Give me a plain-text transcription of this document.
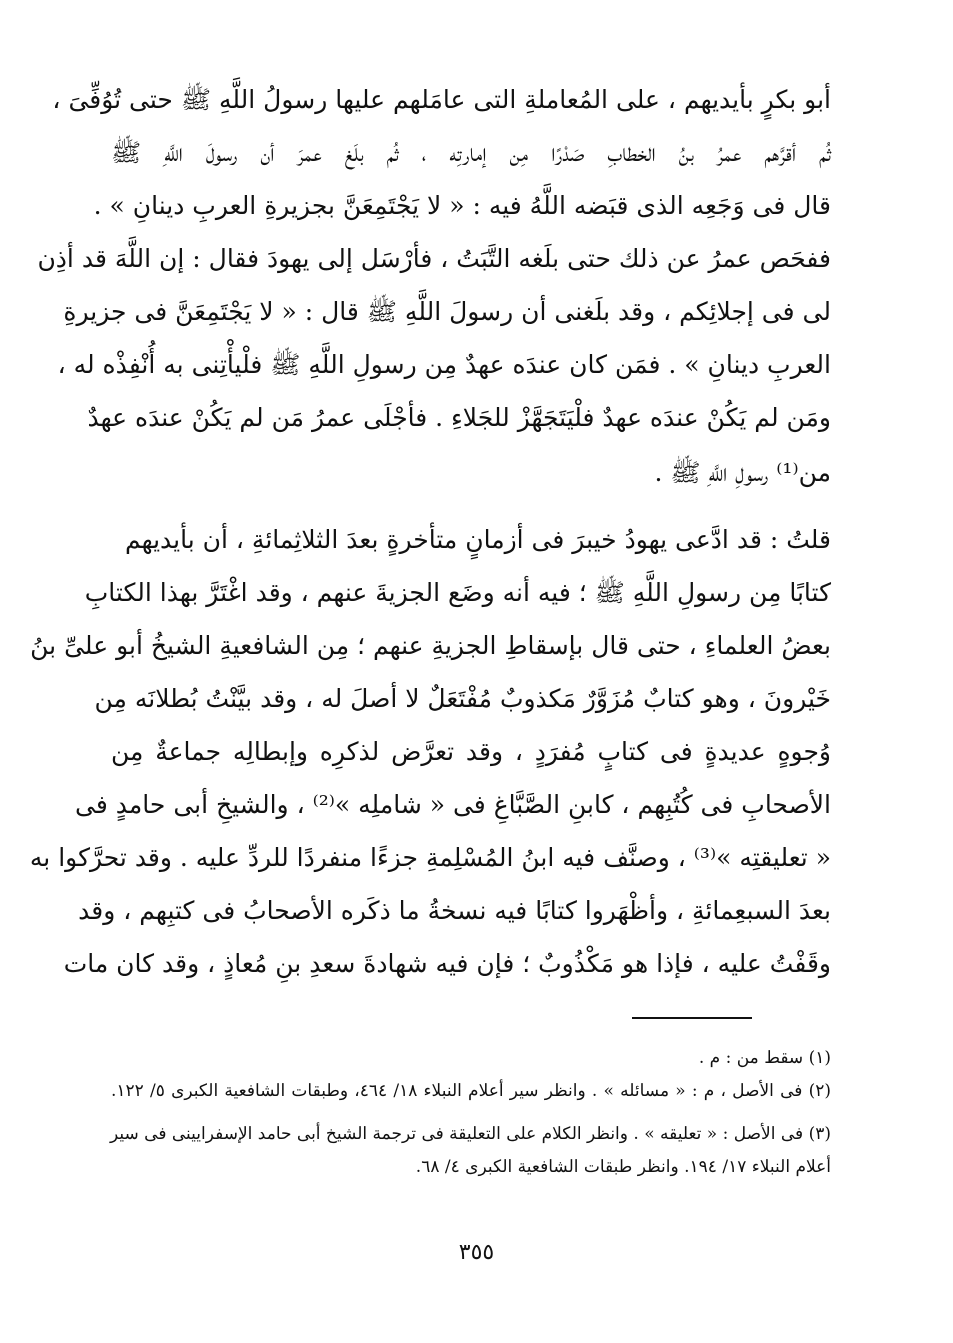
أبو بكرٍ بأيديهم ، على المُعاملةِ التى عامَلهم عليها رسولُ اللَّهِ ﷺ حتى تُوُفِّىَ ،
ثُم أقرَّهم عمرُ بنُ الخطابِ صَدْرًا مِن إمارتِه ، ثُم بلَغ عمرَ أن رسولَ اللَّهِ ﷺ
قال فى وَجَعِه الذى قبَضه اللَّهُ فيه : « لا يَجْتَمِعَنَّ بجزيرةِ العربِ دينانِ » .
ففحَص عمرُ عن ذلك حتى بلَغه التَّبَتُ ، فأرْسَل إلى يهودَ فقال : إن اللَّهَ قد أذِن
لى فى إجلائِكم ، وقد بلَغنى أن رسولَ اللَّهِ ﷺ قال : « لا يَجْتَمِعَنَّ فى جزيرةِ
العربِ دينانِ » . فمَن كان عندَه عهدٌ مِن رسولِ اللَّهِ ﷺ فلْيأْتِنى به أُنْفِذْه له ،
ومَن لم يَكُنْ عندَه عهدٌ فلْيَتَجَهَّزْ للجَلاءِ . فأجْلَى عمرُ مَن لم يَكُنْ عندَه عهدٌ
من⁽¹⁾ رسولِ اللَّهِ ﷺ .
قلتُ : قد ادَّعى يهودُ خيبرَ فى أزمانٍ متأخرةٍ بعدَ الثلاثِمائةِ ، أن بأيديهم
كتابًا مِن رسولِ اللَّهِ ﷺ ؛ فيه أنه وضَع الجزيةَ عنهم ، وقد اغْتَرَّ بهذا الكتابِ
بعضُ العلماءِ ، حتى قال بإسقاطِ الجزيةِ عنهم ؛ مِن الشافعيةِ الشيخُ أبو علىِّ بنُ
خَيْرونَ ، وهو كتابٌ مُزَوَّرٌ مَكذوبٌ مُفْتَعَلٌ لا أصلَ له ، وقد بيَّنْتُ بُطلانَه مِن
وُجوهٍ عديدةٍ فى كتابٍ مُفرَدٍ ، وقد تعرَّض لذكرِه وإبطالِه جماعةٌ مِن
الأصحابِ فى كُتُبِهم ، كابنِ الصَّبَّاغِ فى « شاملِه »⁽²⁾ ، والشيخِ أبى حامدٍ فى
« تعليقتِه »⁽³⁾ ، وصنَّف فيه ابنُ المُسْلِمةِ جزءًا منفردًا للردِّ عليه . وقد تحرَّكوا به
بعدَ السبعِمائةِ ، وأظْهَروا كتابًا فيه نسخةُ ما ذكَره الأصحابُ فى كتبِهم ، وقد
وقَفْتُ عليه ، فإذا هو مَكْذُوبٌ ؛ فإن فيه شهادةَ سعدِ بنِ مُعاذٍ ، وقد كان مات
(١) سقط من : م .
(٢) فى الأصل ، م : « مسائله » . وانظر سير أعلام النبلاء ١٨/ ٤٦٤، وطبقات الشافعية الكبرى ٥/ ١٢٢.
(٣) فى الأصل : « تعليقه » . وانظر الكلام على التعليقة فى ترجمة الشيخ أبى حامد الإسفرايينى فى سير
أعلام النبلاء ١٧/ ١٩٤. وانظر طبقات الشافعية الكبرى ٤/ ٦٨.
٣٥٥
